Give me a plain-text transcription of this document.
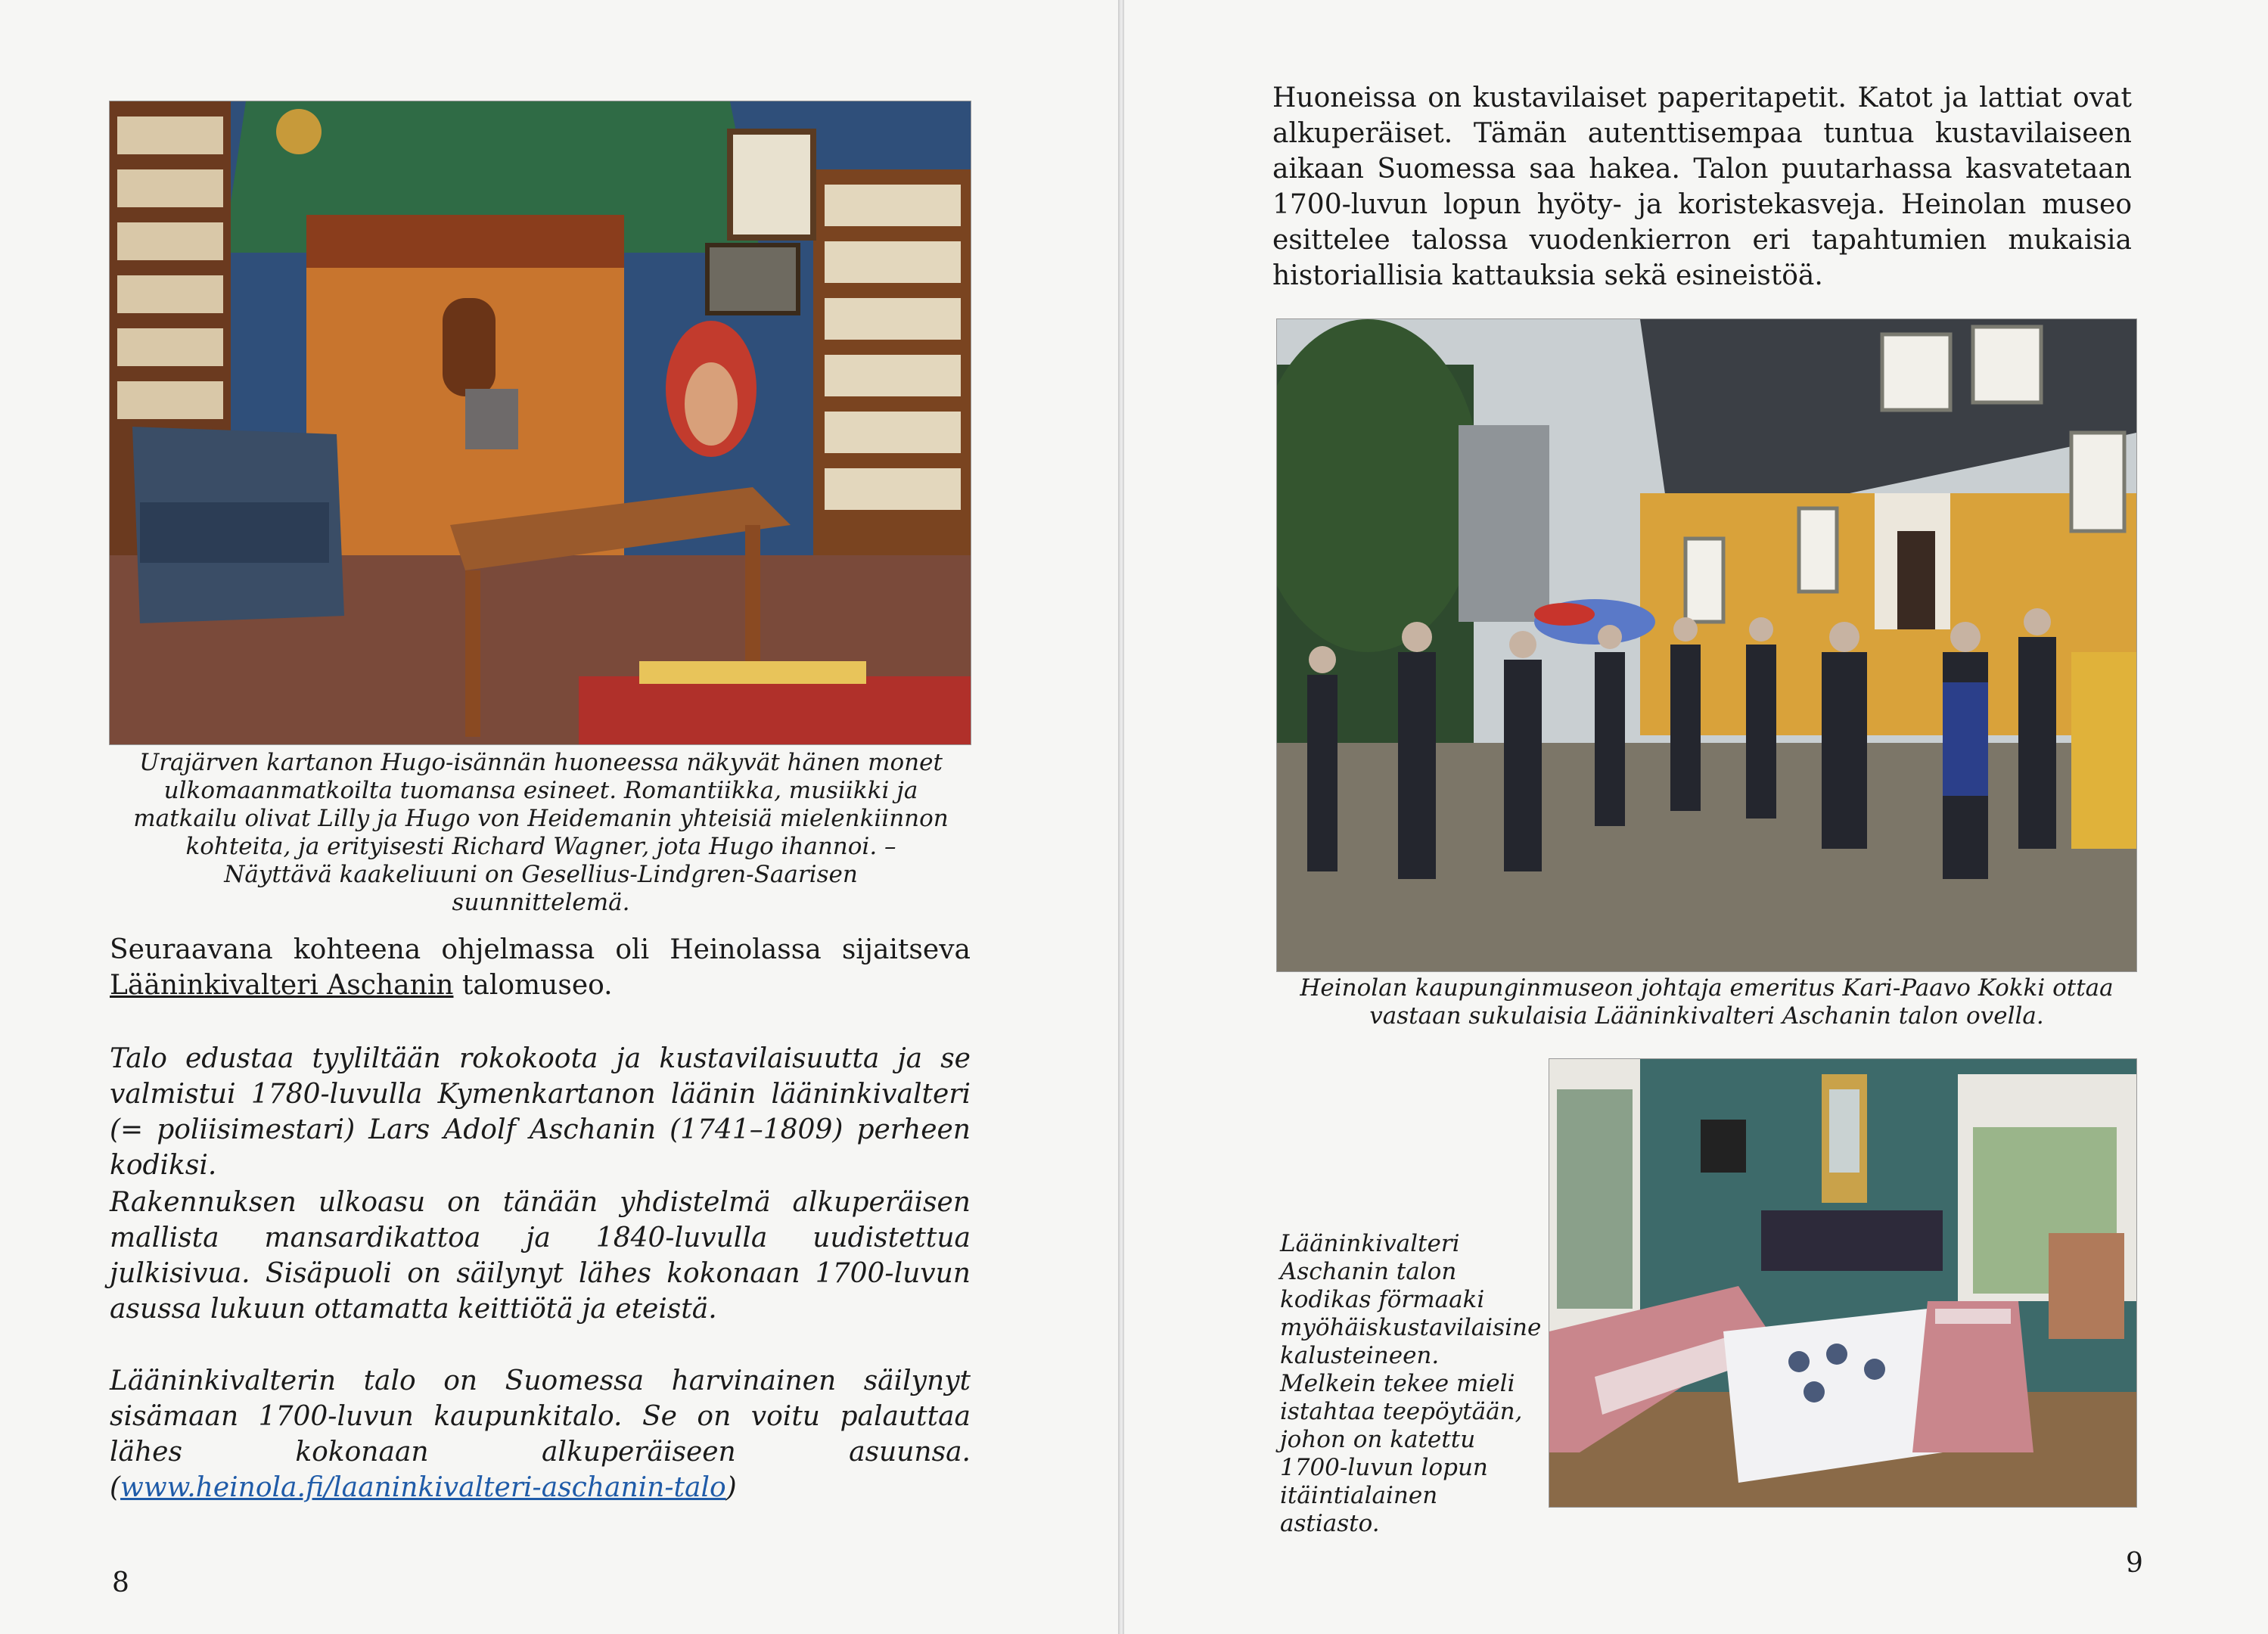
Urajärven kartanon Hugo-isännän huoneessa näkyvät hänen monet ulkomaanmatkoilta tuomansa esineet. Romantiikka, musiikki ja matkailu olivat Lilly ja Hugo von Heidemanin yhteisiä mielenkiinnon kohteita, ja erityisesti Richard Wagner, jota Hugo ihannoi. – Näyttävä kaakeliuuni on Gesellius-Lindgren-Saarisen suunnittelemä.

Seuraavana kohteena ohjelmassa oli Heinolassa sijaitseva Lääninkivalteri Aschanin talomuseo.

Talo edustaa tyyliltään rokokoota ja kustavilaisuutta ja se valmistui 1780-luvulla Kymenkartanon läänin lääninkivalteri (= poliisimestari) Lars Adolf Aschanin (1741–1809) perheen kodiksi.

Rakennuksen ulkoasu on tänään yhdistelmä alkuperäisen mallista mansardikattoa ja 1840-luvulla uudistettua julkisivua. Sisäpuoli on säilynyt lähes kokonaan 1700-luvun asussa lukuun ottamatta keittiötä ja eteistä.

Lääninkivalterin talo on Suomessa harvinainen säilynyt sisämaan 1700-luvun kaupunkitalo. Se on voitu palauttaa lähes kokonaan alkuperäiseen asuunsa. (www.heinola.fi/laaninkivalteri-aschanin-talo)

8

Huoneissa on kustavilaiset paperitapetit. Katot ja lattiat ovat alkuperäiset. Tämän autenttisempaa tuntua kustavilaiseen aikaan Suomessa saa hakea. Talon puutarhassa kasvatetaan 1700-luvun lopun hyöty- ja koristekasveja. Heinolan museo esittelee talossa vuodenkierron eri tapahtumien mukaisia historiallisia kattauksia sekä esineistöä.

Heinolan kaupunginmuseon johtaja emeritus Kari-Paavo Kokki ottaa
vastaan sukulaisia Lääninkivalteri Aschanin talon ovella.
Lääninkivalteri Aschanin talon kodikas förmaaki myöhäiskustavilaisine kalusteineen. Melkein tekee mieli istahtaa teepöytään, johon on katettu 1700-luvun lopun itäintialainen astiasto.
9
